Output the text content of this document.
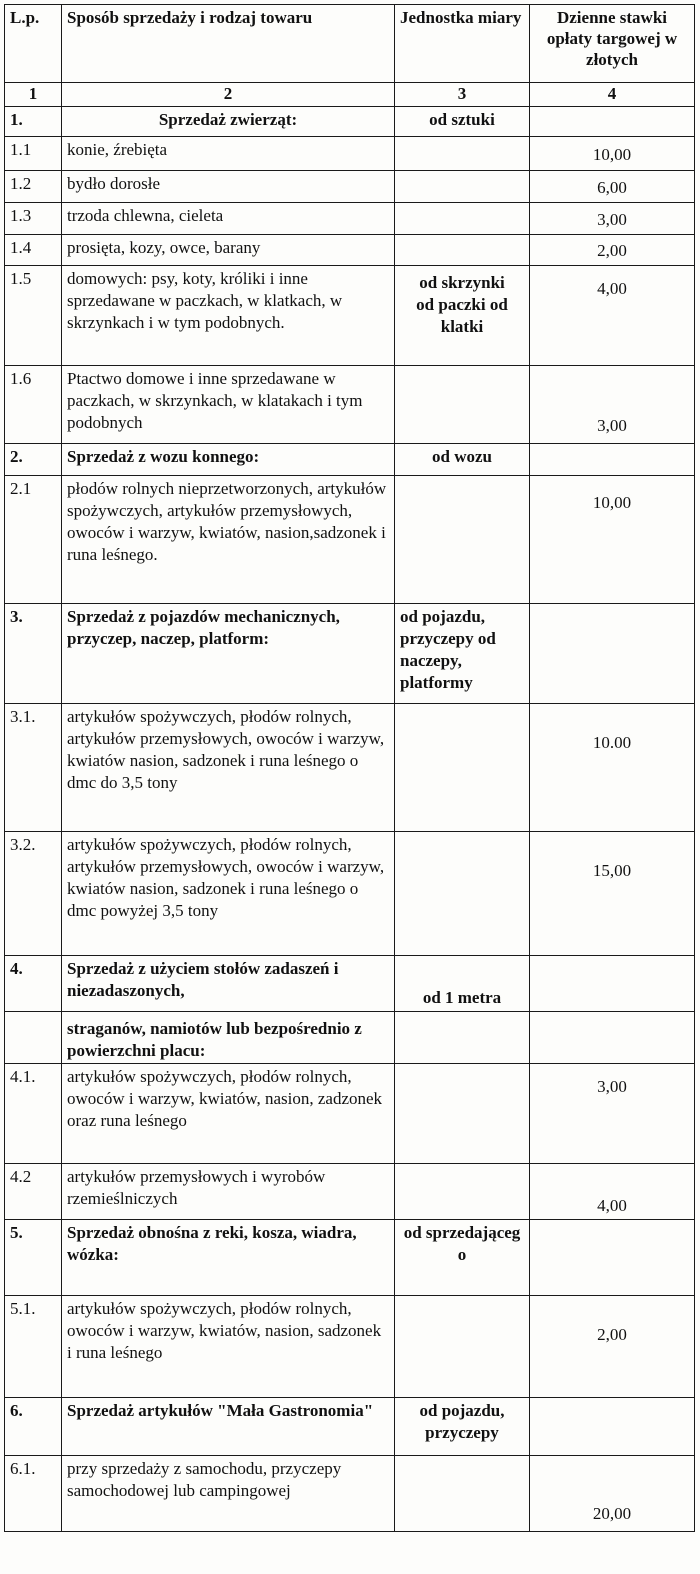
L.p.	Sposób sprzedaży i rodzaj towaru	Jednostka miary	Dzienne stawki opłaty targowej w złotych
1	2	3	4
1.	Sprzedaż zwierząt:	od sztuki	
1.1	konie, źrebięta		10,00
1.2	bydło dorosłe		6,00
1.3	trzoda chlewna, cieleta		3,00
1.4	prosięta, kozy, owce, barany		2,00
1.5	domowych: psy, koty, króliki i inne sprzedawane w paczkach, w klatkach, w skrzynkach i w tym podobnych.	od skrzynki od paczki od klatki	4,00
1.6	Ptactwo domowe i inne sprzedawane w paczkach, w skrzynkach, w klatakach i tym podobnych		3,00
2.	Sprzedaż z wozu konnego:	od wozu	
2.1	płodów rolnych nieprzetworzonych, artykułów spożywczych, artykułów przemysłowych, owoców i warzyw, kwiatów, nasion,sadzonek i runa leśnego.		10,00
3.	Sprzedaż z pojazdów mechanicznych, przyczep, naczep, platform:	od pojazdu, przyczepy od naczepy, platformy	
3.1.	artykułów spożywczych, płodów rolnych, artykułów przemysłowych, owoców i warzyw, kwiatów nasion, sadzonek i runa leśnego o dmc do 3,5 tony		10.00
3.2.	artykułów spożywczych, płodów rolnych, artykułów przemysłowych, owoców i warzyw, kwiatów nasion, sadzonek i runa leśnego o dmc powyżej 3,5 tony		15,00
4.	Sprzedaż z użyciem stołów zadaszeń i niezadaszonych,	od 1 metra	
	straganów, namiotów lub bezpośrednio z powierzchni placu:		
4.1.	artykułów spożywczych, płodów rolnych, owoców i warzyw, kwiatów, nasion, zadzonek oraz runa leśnego		3,00
4.2	artykułów przemysłowych i wyrobów rzemieślniczych		4,00
5.	Sprzedaż obnośna z reki, kosza, wiadra, wózka:	od sprzedającego	
5.1.	artykułów spożywczych, płodów rolnych, owoców i warzyw, kwiatów, nasion, sadzonek i runa leśnego		2,00
6.	Sprzedaż artykułów "Mała Gastronomia"	od pojazdu, przyczepy	
6.1.	przy sprzedaży z samochodu, przyczepy samochodowej lub campingowej		20,00
